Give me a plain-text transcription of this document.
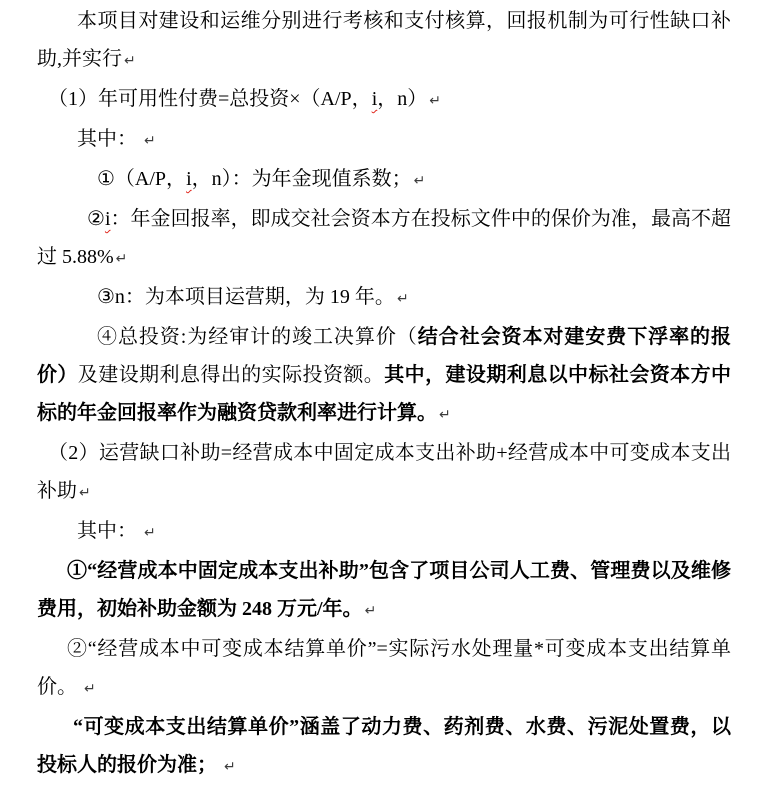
本项目对建设和运维分别进行考核和支付核算，回报机制为可行性缺口补助,并实行 ↵

（1）年可用性付费=总投资×（A/P，i，n） ↵

其中： ↵

①（A/P，i，n）：为年金现值系数； ↵

②i：年金回报率，即成交社会资本方在投标文件中的保价为准，最高不超过 5.88% ↵

③n：为本项目运营期，为 19 年。 ↵

④总投资:为经审计的竣工决算价（结合社会资本对建安费下浮率的报价）及建设期利息得出的实际投资额。其中，建设期利息以中标社会资本方中标的年金回报率作为融资贷款利率进行计算。 ↵

（2）运营缺口补助=经营成本中固定成本支出补助+经营成本中可变成本支出补助 ↵

其中： ↵

①“经营成本中固定成本支出补助”包含了项目公司人工费、管理费以及维修费用，初始补助金额为 248 万元/年。 ↵

②“经营成本中可变成本结算单价”=实际污水处理量*可变成本支出结算单价。 ↵

“可变成本支出结算单价”涵盖了动力费、药剂费、水费、污泥处置费，以投标人的报价为准； ↵
